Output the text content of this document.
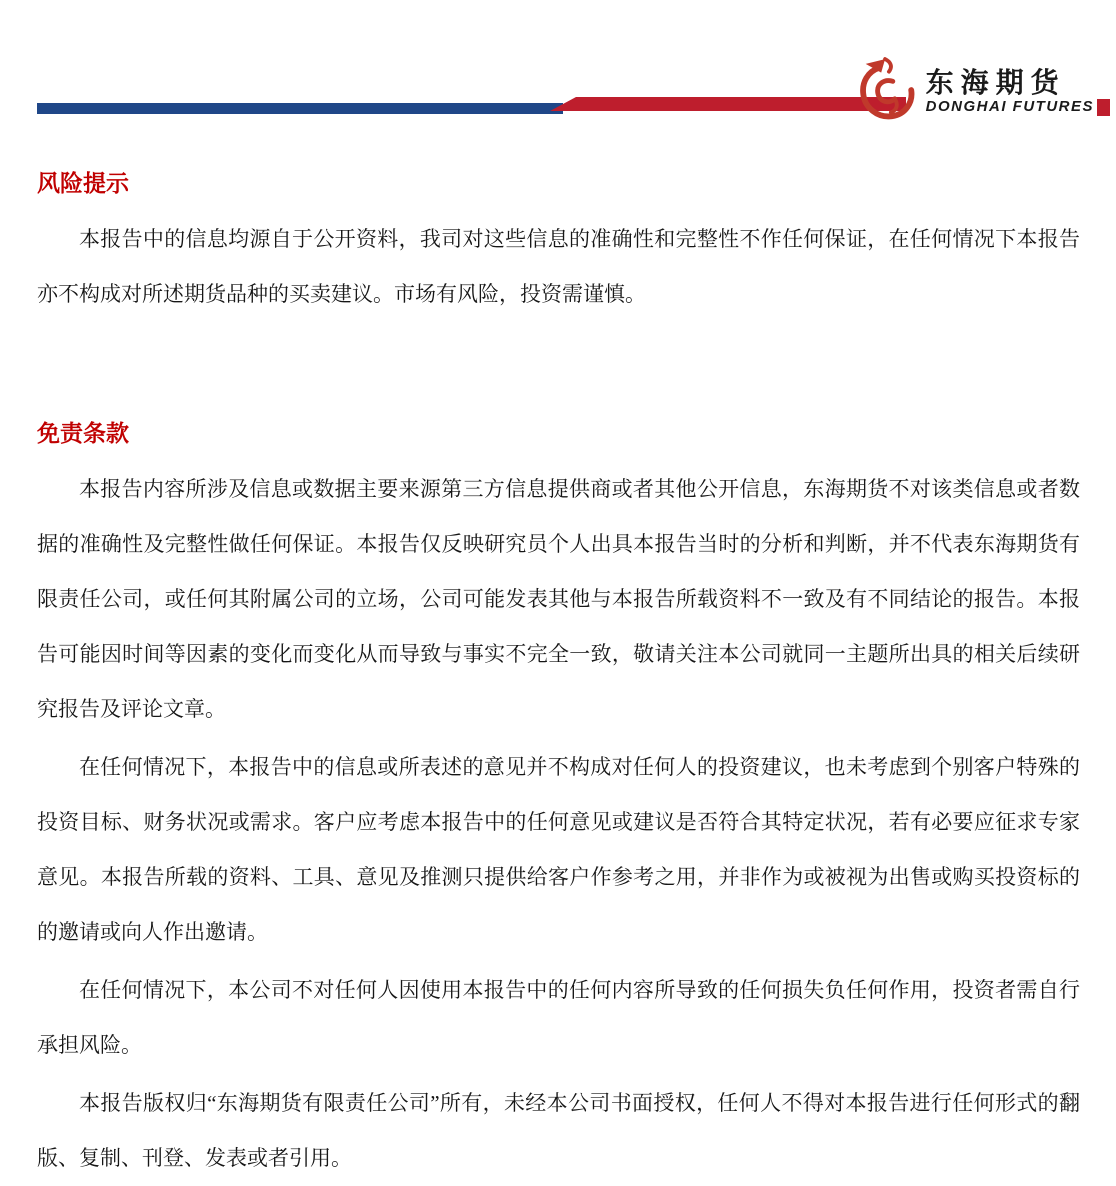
东海期货
DONGHAI FUTURES
风险提示

本报告中的信息均源自于公开资料，我司对这些信息的准确性和完整性不作任何保证，在任何情况下本报告亦不构成对所述期货品种的买卖建议。市场有风险，投资需谨慎。

免责条款

本报告内容所涉及信息或数据主要来源第三方信息提供商或者其他公开信息，东海期货不对该类信息或者数据的准确性及完整性做任何保证。本报告仅反映研究员个人出具本报告当时的分析和判断，并不代表东海期货有限责任公司，或任何其附属公司的立场，公司可能发表其他与本报告所载资料不一致及有不同结论的报告。本报告可能因时间等因素的变化而变化从而导致与事实不完全一致，敬请关注本公司就同一主题所出具的相关后续研究报告及评论文章。

在任何情况下，本报告中的信息或所表述的意见并不构成对任何人的投资建议，也未考虑到个别客户特殊的投资目标、财务状况或需求。客户应考虑本报告中的任何意见或建议是否符合其特定状况，若有必要应征求专家意见。本报告所载的资料、工具、意见及推测只提供给客户作参考之用，并非作为或被视为出售或购买投资标的的邀请或向人作出邀请。

在任何情况下，本公司不对任何人因使用本报告中的任何内容所导致的任何损失负任何作用，投资者需自行承担风险。

本报告版权归“东海期货有限责任公司”所有，未经本公司书面授权，任何人不得对本报告进行任何形式的翻版、复制、刊登、发表或者引用。
